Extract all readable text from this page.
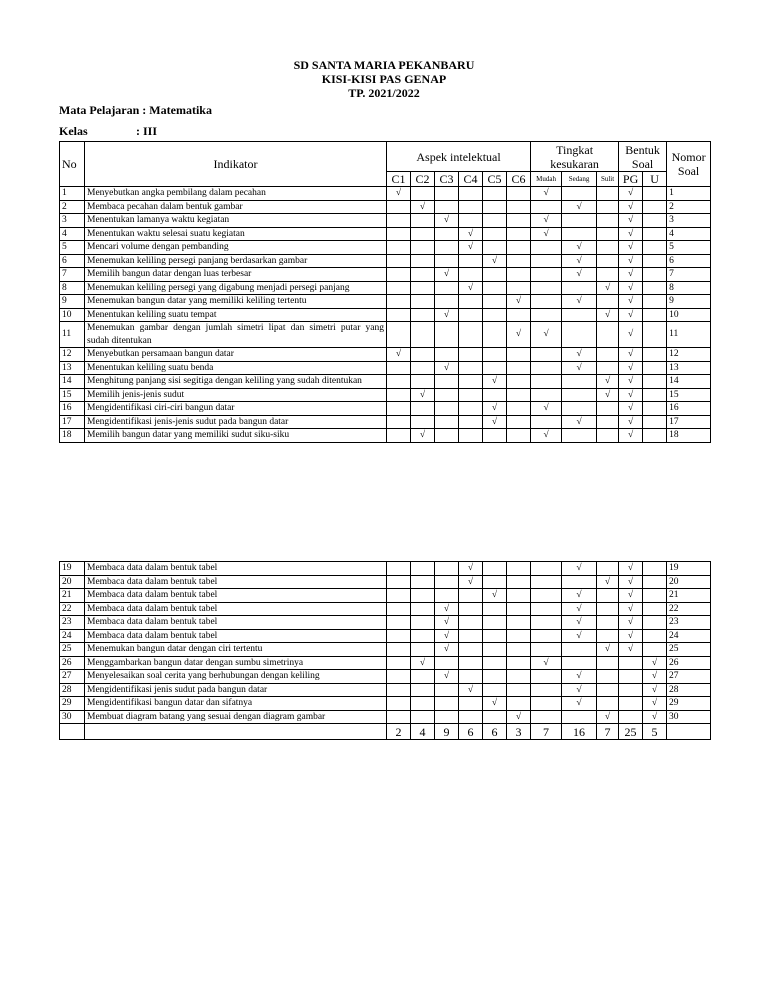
SD SANTA MARIA PEKANBARU
KISI-KISI PAS GENAP
TP. 2021/2022
Mata Pelajaran : Matematika
Kelas	: III
No	Indikator	Aspek intelektual						Tingkat kesukaran			Bentuk Soal		Nomor Soal
		C1	C2	C3	C4	C5	C6	Mudah	Sedang	Sulit	PG	U	
1	Menyebutkan angka pembilang dalam pecahan	√						√			√		1
2	Membaca pecahan dalam bentuk gambar		√						√		√		2
3	Menentukan lamanya waktu kegiatan			√				√			√		3
4	Menentukan waktu selesai suatu kegiatan				√			√			√		4
5	Mencari volume dengan pembanding				√				√		√		5
6	Menemukan keliling persegi panjang berdasarkan gambar					√			√		√		6
7	Memilih bangun datar dengan luas terbesar			√					√		√		7
8	Menemukan keliling persegi yang digabung menjadi persegi panjang				√					√	√		8
9	Menemukan bangun datar yang memiliki keliling tertentu						√		√		√		9
10	Menentukan keliling suatu tempat			√						√	√		10
11	Menemukan gambar dengan jumlah simetri lipat dan simetri putar yang sudah ditentukan						√	√			√		11
12	Menyebutkan persamaan bangun datar	√							√		√		12
13	Menentukan keliling suatu benda			√					√		√		13
14	Menghitung panjang sisi segitiga dengan keliling yang sudah ditentukan					√				√	√		14
15	Memilih jenis-jenis sudut		√							√	√		15
16	Mengidentifikasi ciri-ciri bangun datar					√		√			√		16
17	Mengidentifikasi jenis-jenis sudut pada bangun datar					√			√		√		17
18	Memilih bangun datar yang memiliki sudut siku-siku		√					√			√		18
19	Membaca data dalam bentuk tabel				√				√		√		19
20	Membaca data dalam bentuk tabel				√					√	√		20
21	Membaca data dalam bentuk tabel					√			√		√		21
22	Membaca data dalam bentuk tabel			√					√		√		22
23	Membaca data dalam bentuk tabel			√					√		√		23
24	Membaca data dalam bentuk tabel			√					√		√		24
25	Menemukan bangun datar dengan ciri tertentu			√						√	√		25
26	Menggambarkan bangun datar dengan sumbu simetrinya		√					√				√	26
27	Menyelesaikan soal cerita yang berhubungan dengan keliling			√					√			√	27
28	Mengidentifikasi jenis sudut pada bangun datar				√				√			√	28
29	Mengidentifikasi bangun datar dan sifatnya					√			√			√	29
30	Membuat diagram batang yang sesuai dengan diagram gambar						√			√		√	30
		2	4	9	6	6	3	7	16	7	25	5	
